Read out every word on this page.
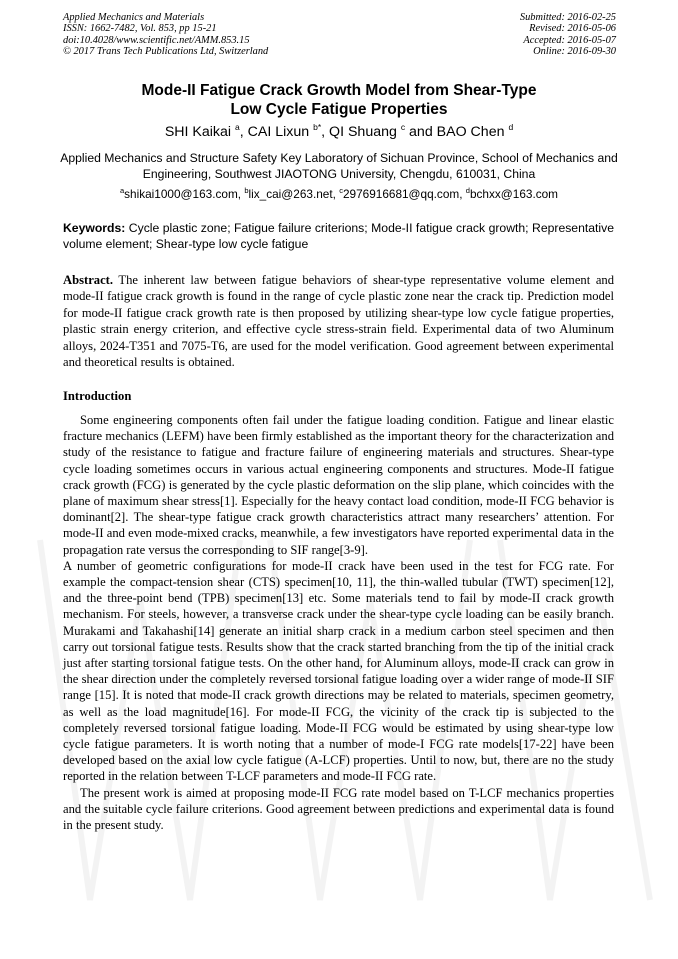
Applied Mechanics and Materials
ISSN: 1662-7482, Vol. 853, pp 15-21
doi:10.4028/www.scientific.net/AMM.853.15
© 2017 Trans Tech Publications Ltd, Switzerland
Submitted: 2016-02-25
Revised: 2016-05-06
Accepted: 2016-05-07
Online: 2016-09-30
Mode-II Fatigue Crack Growth Model from Shear-Type
Low Cycle Fatigue Properties
SHI Kaikai $^a$, CAI Lixun $^{b*}$, QI Shuang $^c$ and BAO Chen $^d$
Applied Mechanics and Structure Safety Key Laboratory of Sichuan Province, School of Mechanics and Engineering, Southwest JIAOTONG University, Chengdu, 610031, China
$^a$shikai1000@163.com, $^b$lix_cai@263.net, $^c$2976916681@qq.com, $^d$bchxx@163.com
Keywords: Cycle plastic zone; Fatigue failure criterions; Mode-II fatigue crack growth; Representative volume element; Shear-type low cycle fatigue
Abstract. The inherent law between fatigue behaviors of shear-type representative volume element and mode-II fatigue crack growth is found in the range of cycle plastic zone near the crack tip. Prediction model for mode-II fatigue crack growth rate is then proposed by utilizing shear-type low cycle fatigue properties, plastic strain energy criterion, and effective cycle stress-strain field. Experimental data of two Aluminum alloys, 2024-T351 and 7075-T6, are used for the model verification. Good agreement between experimental and theoretical results is obtained.
Introduction

Some engineering components often fail under the fatigue loading condition. Fatigue and linear elastic fracture mechanics (LEFM) have been firmly established as the important theory for the characterization and study of the resistance to fatigue and fracture failure of engineering materials and structures. Shear-type cycle loading sometimes occurs in various actual engineering components and structures. Mode-II fatigue crack growth (FCG) is generated by the cycle plastic deformation on the slip plane, which coincides with the plane of maximum shear stress[1]. Especially for the heavy contact load condition, mode-II FCG behavior is dominant[2]. The shear-type fatigue crack growth characteristics attract many researchers’ attention. For mode-II and even mode-mixed cracks, meanwhile, a few investigators have reported experimental data in the propagation rate versus the corresponding to SIF range[3-9].

A number of geometric configurations for mode-II crack have been used in the test for FCG rate. For example the compact-tension shear (CTS) specimen[10, 11], the thin-walled tubular (TWT) specimen[12], and the three-point bend (TPB) specimen[13] etc. Some materials tend to fail by mode-II crack growth mechanism. For steels, however, a transverse crack under the shear-type cycle loading can be easily branch. Murakami and Takahashi[14] generate an initial sharp crack in a medium carbon steel specimen and then carry out torsional fatigue tests. Results show that the crack started branching from the tip of the initial crack just after starting torsional fatigue tests. On the other hand, for Aluminum alloys, mode-II crack can grow in the shear direction under the completely reversed torsional fatigue loading over a wider range of mode-II SIF range [15]. It is noted that mode-II crack growth directions may be related to materials, specimen geometry, as well as the load magnitude[16]. For mode-II FCG, the vicinity of the crack tip is subjected to the completely reversed torsional fatigue loading. Mode-II FCG would be estimated by using shear-type low cycle fatigue parameters. It is worth noting that a number of mode-I FCG rate models[17-22] have been developed based on the axial low cycle fatigue (A-LCF) properties. Until to now, but, there are no the study reported in the relation between T-LCF parameters and mode-II FCG rate.

The present work is aimed at proposing mode-II FCG rate model based on T-LCF mechanics properties and the suitable cycle failure criterions. Good agreement between predictions and experimental data is found in the present study.
